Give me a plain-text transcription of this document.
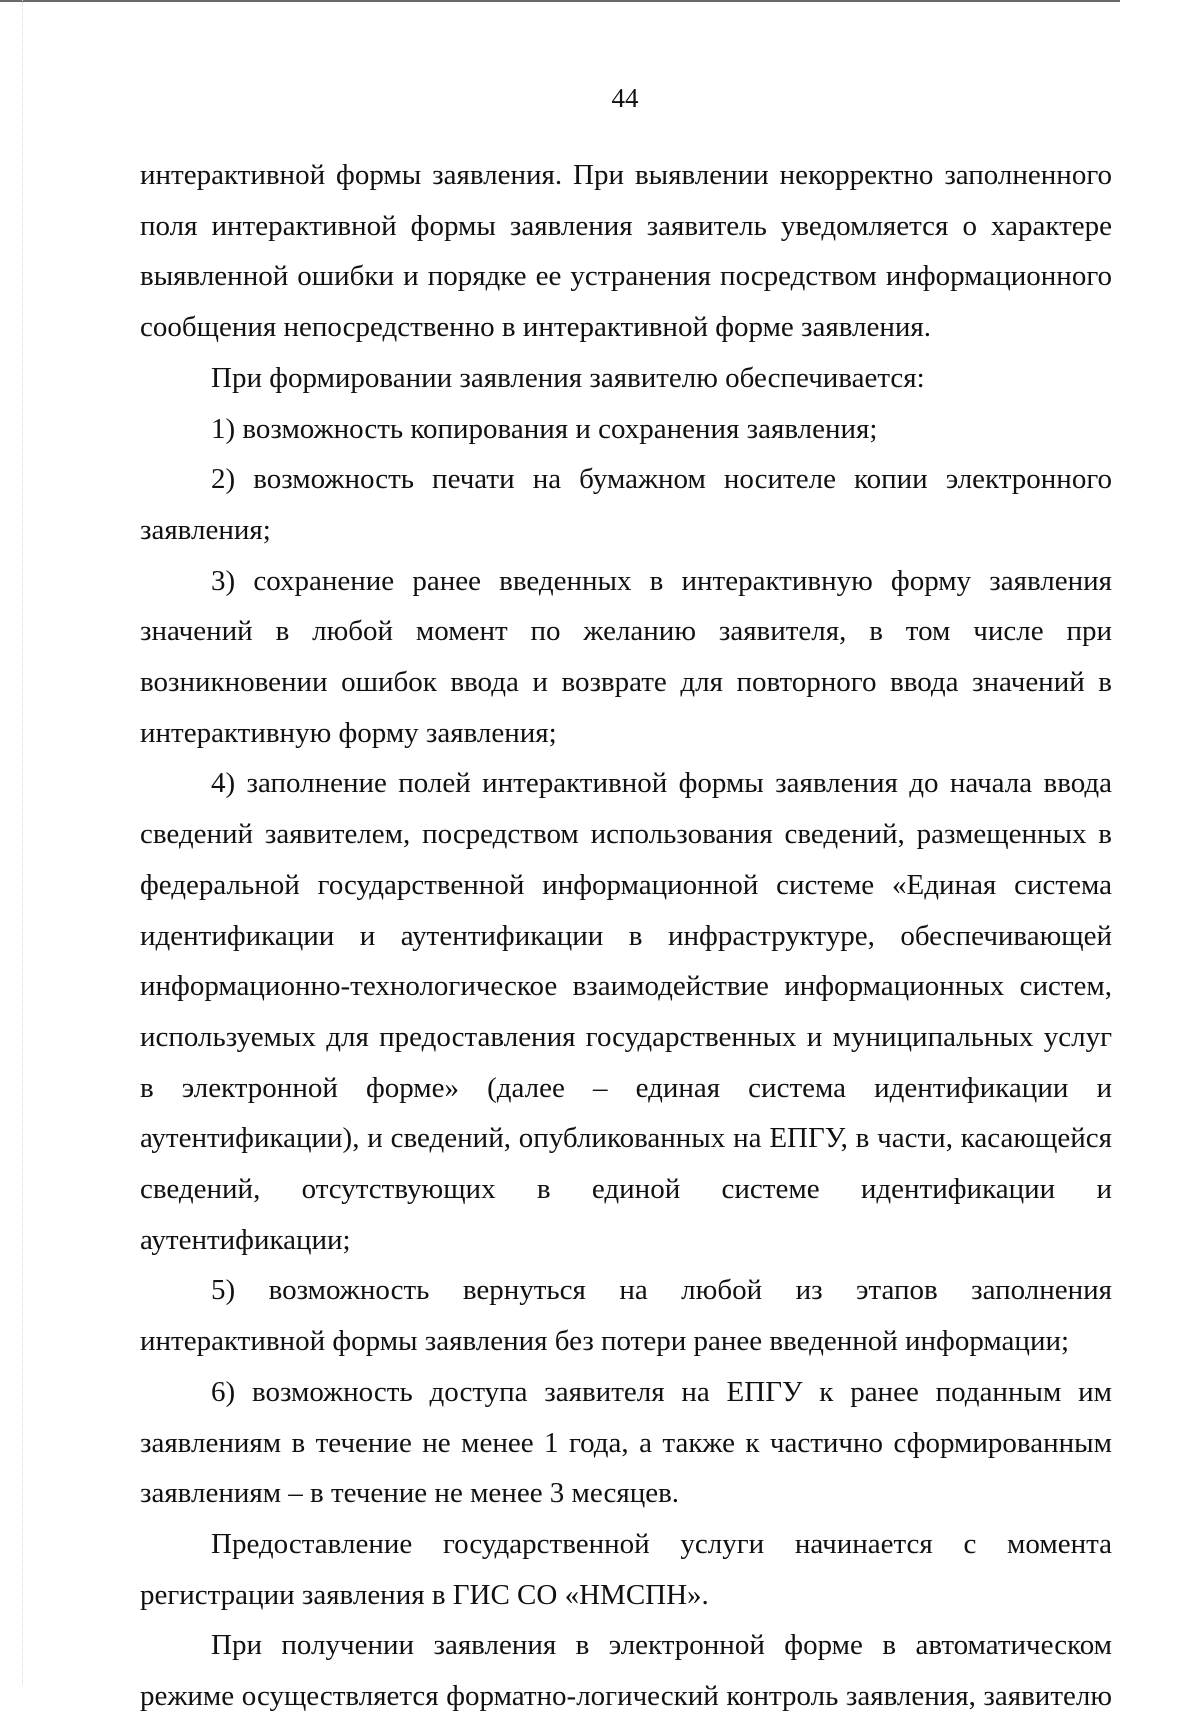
44

интерактивной формы заявления. При выявлении некорректно заполненного поля интерактивной формы заявления заявитель уведомляется о характере выявленной ошибки и порядке ее устранения посредством информационного сообщения непосредственно в интерактивной форме заявления.

При формировании заявления заявителю обеспечивается:

1) возможность копирования и сохранения заявления;

2) возможность печати на бумажном носителе копии электронного заявления;

3) сохранение ранее введенных в интерактивную форму заявления значений в любой момент по желанию заявителя, в том числе при возникновении ошибок ввода и возврате для повторного ввода значений в интерактивную форму заявления;

4) заполнение полей интерактивной формы заявления до начала ввода сведений заявителем, посредством использования сведений, размещенных в федеральной государственной информационной системе «Единая система идентификации и аутентификации в инфраструктуре, обеспечивающей информационно-технологическое взаимодействие информационных систем, используемых для предоставления государственных и муниципальных услуг в электронной форме» (далее – единая система идентификации и аутентификации), и сведений, опубликованных на ЕПГУ, в части, касающейся сведений, отсутствующих в единой системе идентификации и аутентификации;

5) возможность вернуться на любой из этапов заполнения интерактивной формы заявления без потери ранее введенной информации;

6) возможность доступа заявителя на ЕПГУ к ранее поданным им заявлениям в течение не менее 1 года, а также к частично сформированным заявлениям – в течение не менее 3 месяцев.

Предоставление государственной услуги начинается с момента регистрации заявления в ГИС СО «НМСПН».

При получении заявления в электронной форме в автоматическом режиме осуществляется форматно-логический контроль заявления, заявителю
